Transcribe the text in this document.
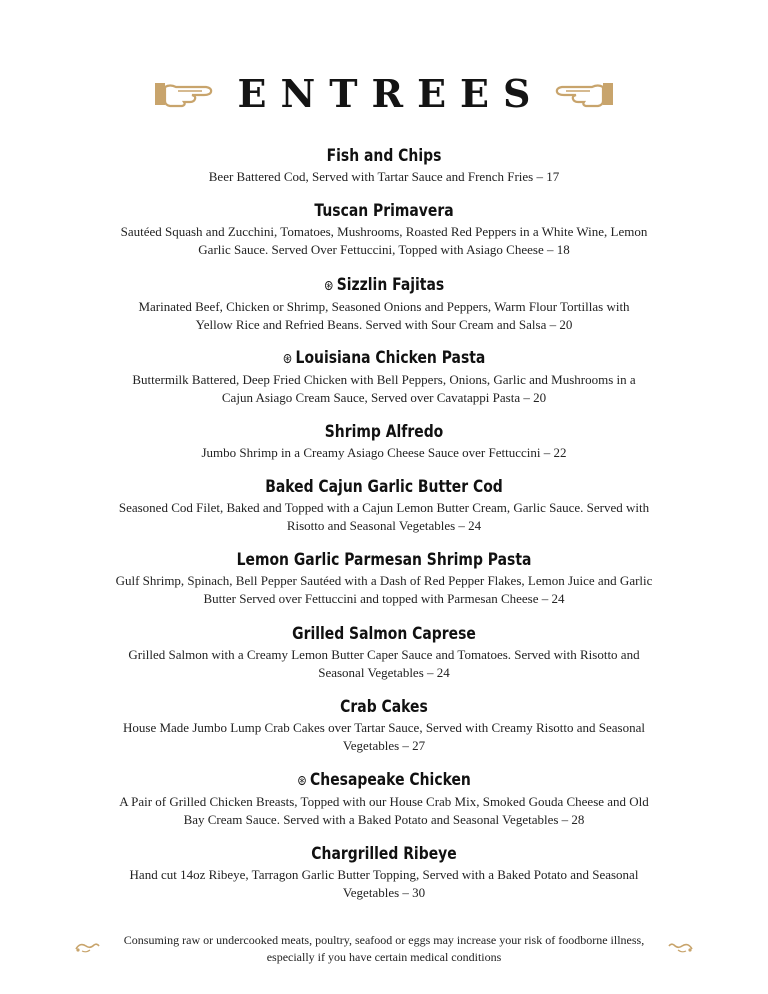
ENTREES
Fish and Chips
Beer Battered Cod, Served with Tartar Sauce and French Fries – 17
Tuscan Primavera
Sautéed Squash and Zucchini, Tomatoes, Mushrooms, Roasted Red Peppers in a White Wine, Lemon
Garlic Sauce. Served Over Fettuccini, Topped with Asiago Cheese – 18
⊛ Sizzlin Fajitas
Marinated Beef, Chicken or Shrimp, Seasoned Onions and Peppers, Warm Flour Tortillas with
Yellow Rice and Refried Beans. Served with Sour Cream and Salsa – 20
⊛ Louisiana Chicken Pasta
Buttermilk Battered, Deep Fried Chicken with Bell Peppers, Onions, Garlic and Mushrooms in a
Cajun Asiago Cream Sauce, Served over Cavatappi Pasta – 20
Shrimp Alfredo
Jumbo Shrimp in a Creamy Asiago Cheese Sauce over Fettuccini – 22
Baked Cajun Garlic Butter Cod
Seasoned Cod Filet, Baked and Topped with a Cajun Lemon Butter Cream, Garlic Sauce. Served with
Risotto and Seasonal Vegetables – 24
Lemon Garlic Parmesan Shrimp Pasta
Gulf Shrimp, Spinach, Bell Pepper Sautéed with a Dash of Red Pepper Flakes, Lemon Juice and Garlic
Butter Served over Fettuccini and topped with Parmesan Cheese – 24
Grilled Salmon Caprese
Grilled Salmon with a Creamy Lemon Butter Caper Sauce and Tomatoes. Served with Risotto and
Seasonal Vegetables – 24
Crab Cakes
House Made Jumbo Lump Crab Cakes over Tartar Sauce, Served with Creamy Risotto and Seasonal
Vegetables – 27
⊛ Chesapeake Chicken
A Pair of Grilled Chicken Breasts, Topped with our House Crab Mix, Smoked Gouda Cheese and Old
Bay Cream Sauce. Served with a Baked Potato and Seasonal Vegetables – 28
Chargrilled Ribeye
Hand cut 14oz Ribeye, Tarragon Garlic Butter Topping, Served with a Baked Potato and Seasonal
Vegetables – 30
Consuming raw or undercooked meats, poultry, seafood or eggs may increase your risk of foodborne illness,
especially if you have certain medical conditions
